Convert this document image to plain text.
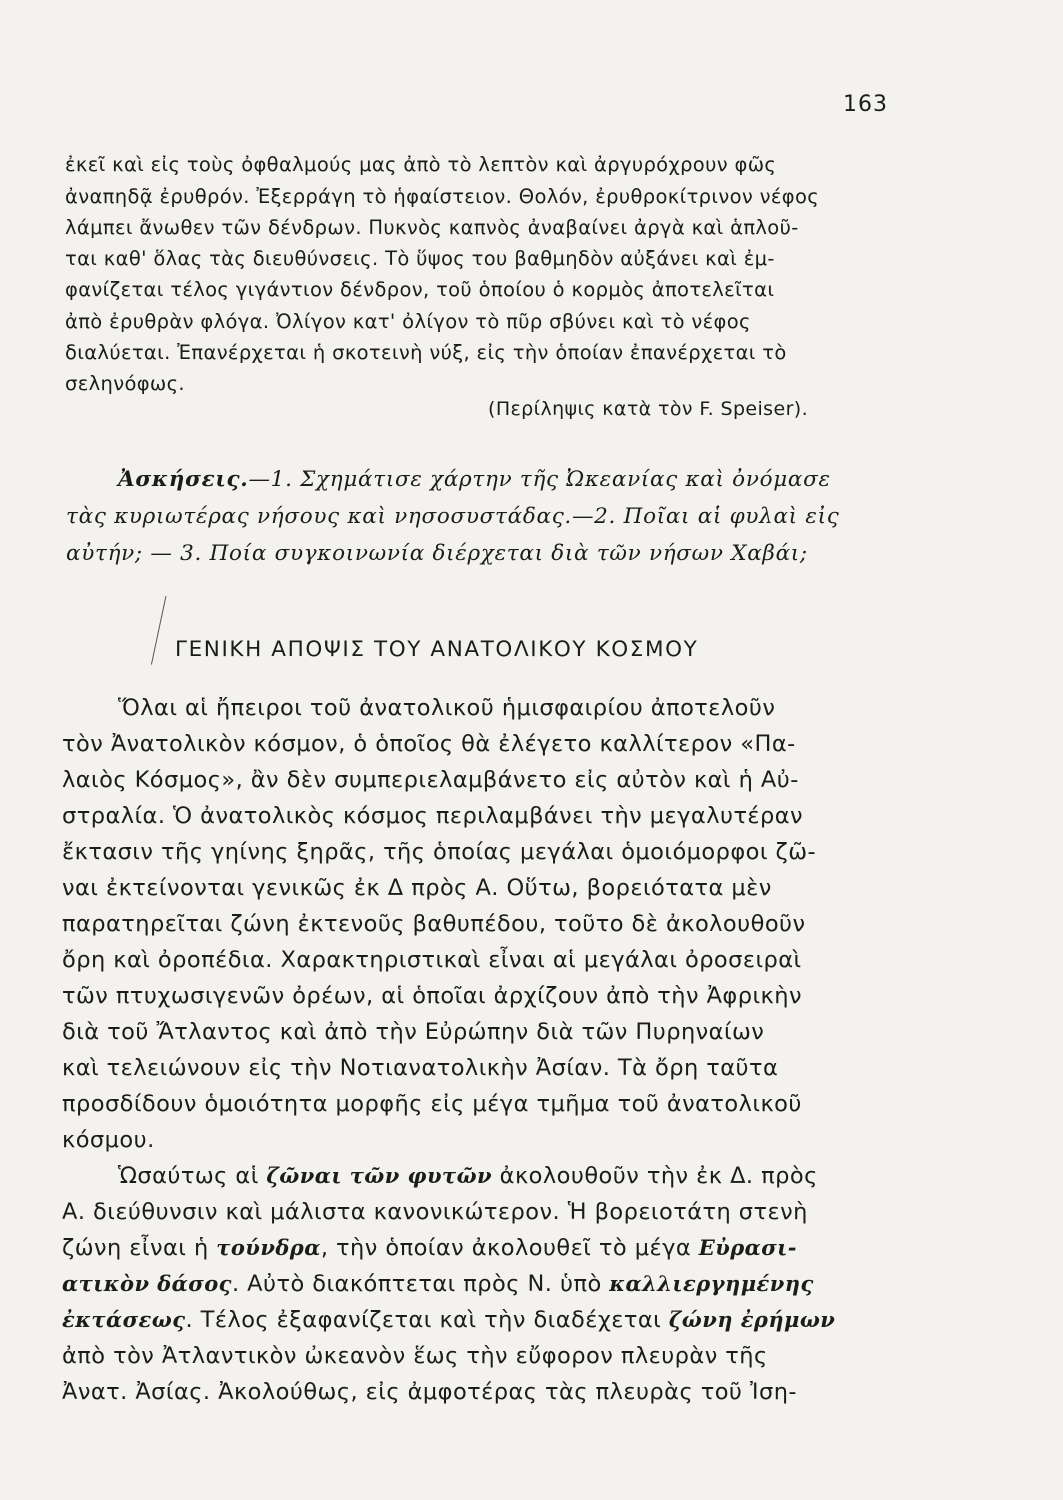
163

ἐκεῖ καὶ εἰς τοὺς ὀφθαλμούς μας ἀπὸ τὸ λεπτὸν καὶ ἀργυρόχρουν φῶς

ἀναπηδᾷ ἐρυθρόν. Ἐξερράγη τὸ ἡφαίστειον. Θολόν, ἐρυθροκίτρινον νέφος

λάμπει ἄνωθεν τῶν δένδρων. Πυκνὸς καπνὸς ἀναβαίνει ἀργὰ καὶ ἁπλοῦ-

ται καθ' ὅλας τὰς διευθύνσεις. Τὸ ὕψος του βαθμηδὸν αὐξάνει καὶ ἐμ-

φανίζεται τέλος γιγάντιον δένδρον, τοῦ ὁποίου ὁ κορμὸς ἀποτελεῖται

ἀπὸ ἐρυθρὰν φλόγα. Ὀλίγον κατ' ὀλίγον τὸ πῦρ σβύνει καὶ τὸ νέφος

διαλύεται. Ἐπανέρχεται ἡ σκοτεινὴ νύξ, εἰς τὴν ὁποίαν ἐπανέρχεται τὸ

σεληνόφως.

(Περίληψις κατὰ τὸν F. Speiser).

Ἀσκήσεις.—1. Σχημάτισε χάρτην τῆς Ὠκεανίας καὶ ὀνόμασε

τὰς κυριωτέρας νήσους καὶ νησοσυστάδας.—2. Ποῖαι αἱ φυλαὶ εἰς

αὐτήν; — 3. Ποία συγκοινωνία διέρχεται διὰ τῶν νήσων Χαβάι;

ΓΕΝΙΚΗ ΑΠΟΨΙΣ ΤΟΥ ΑΝΑΤΟΛΙΚΟΥ ΚΟΣΜΟΥ

Ὅλαι αἱ ἤπειροι τοῦ ἀνατολικοῦ ἡμισφαιρίου ἀποτελοῦν

τὸν Ἀνατολικὸν κόσμον, ὁ ὁποῖος θὰ ἐλέγετο καλλίτερον «Πα-

λαιὸς Κόσμος», ἂν δὲν συμπεριελαμβάνετο εἰς αὐτὸν καὶ ἡ Αὐ-

στραλία. Ὁ ἀνατολικὸς κόσμος περιλαμβάνει τὴν μεγαλυτέραν

ἔκτασιν τῆς γηίνης ξηρᾶς, τῆς ὁποίας μεγάλαι ὁμοιόμορφοι ζῶ-

ναι ἐκτείνονται γενικῶς ἐκ Δ πρὸς Α. Οὕτω, βορειότατα μὲν

παρατηρεῖται ζώνη ἐκτενοῦς βαθυπέδου, τοῦτο δὲ ἀκολουθοῦν

ὄρη καὶ ὀροπέδια. Χαρακτηριστικαὶ εἶναι αἱ μεγάλαι ὀροσειραὶ

τῶν πτυχωσιγενῶν ὀρέων, αἱ ὁποῖαι ἀρχίζουν ἀπὸ τὴν Ἀφρικὴν

διὰ τοῦ Ἄτλαντος καὶ ἀπὸ τὴν Εὐρώπην διὰ τῶν Πυρηναίων

καὶ τελειώνουν εἰς τὴν Νοτιανατολικὴν Ἀσίαν. Τὰ ὄρη ταῦτα

προσδίδουν ὁμοιότητα μορφῆς εἰς μέγα τμῆμα τοῦ ἀνατολικοῦ

κόσμου.

Ὡσαύτως αἱ ζῶναι τῶν φυτῶν ἀκολουθοῦν τὴν ἐκ Δ. πρὸς

Α. διεύθυνσιν καὶ μάλιστα κανονικώτερον. Ἡ βορειοτάτη στενὴ

ζώνη εἶναι ἡ τούνδρα, τὴν ὁποίαν ἀκολουθεῖ τὸ μέγα Εὐρασι-

ατικὸν δάσος. Αὐτὸ διακόπτεται πρὸς Ν. ὑπὸ καλλιεργημένης

ἐκτάσεως. Τέλος ἐξαφανίζεται καὶ τὴν διαδέχεται ζώνη ἐρήμων

ἀπὸ τὸν Ἀτλαντικὸν ὠκεανὸν ἕως τὴν εὔφορον πλευρὰν τῆς

Ἀνατ. Ἀσίας. Ἀκολούθως, εἰς ἀμφοτέρας τὰς πλευρὰς τοῦ Ἰση-
